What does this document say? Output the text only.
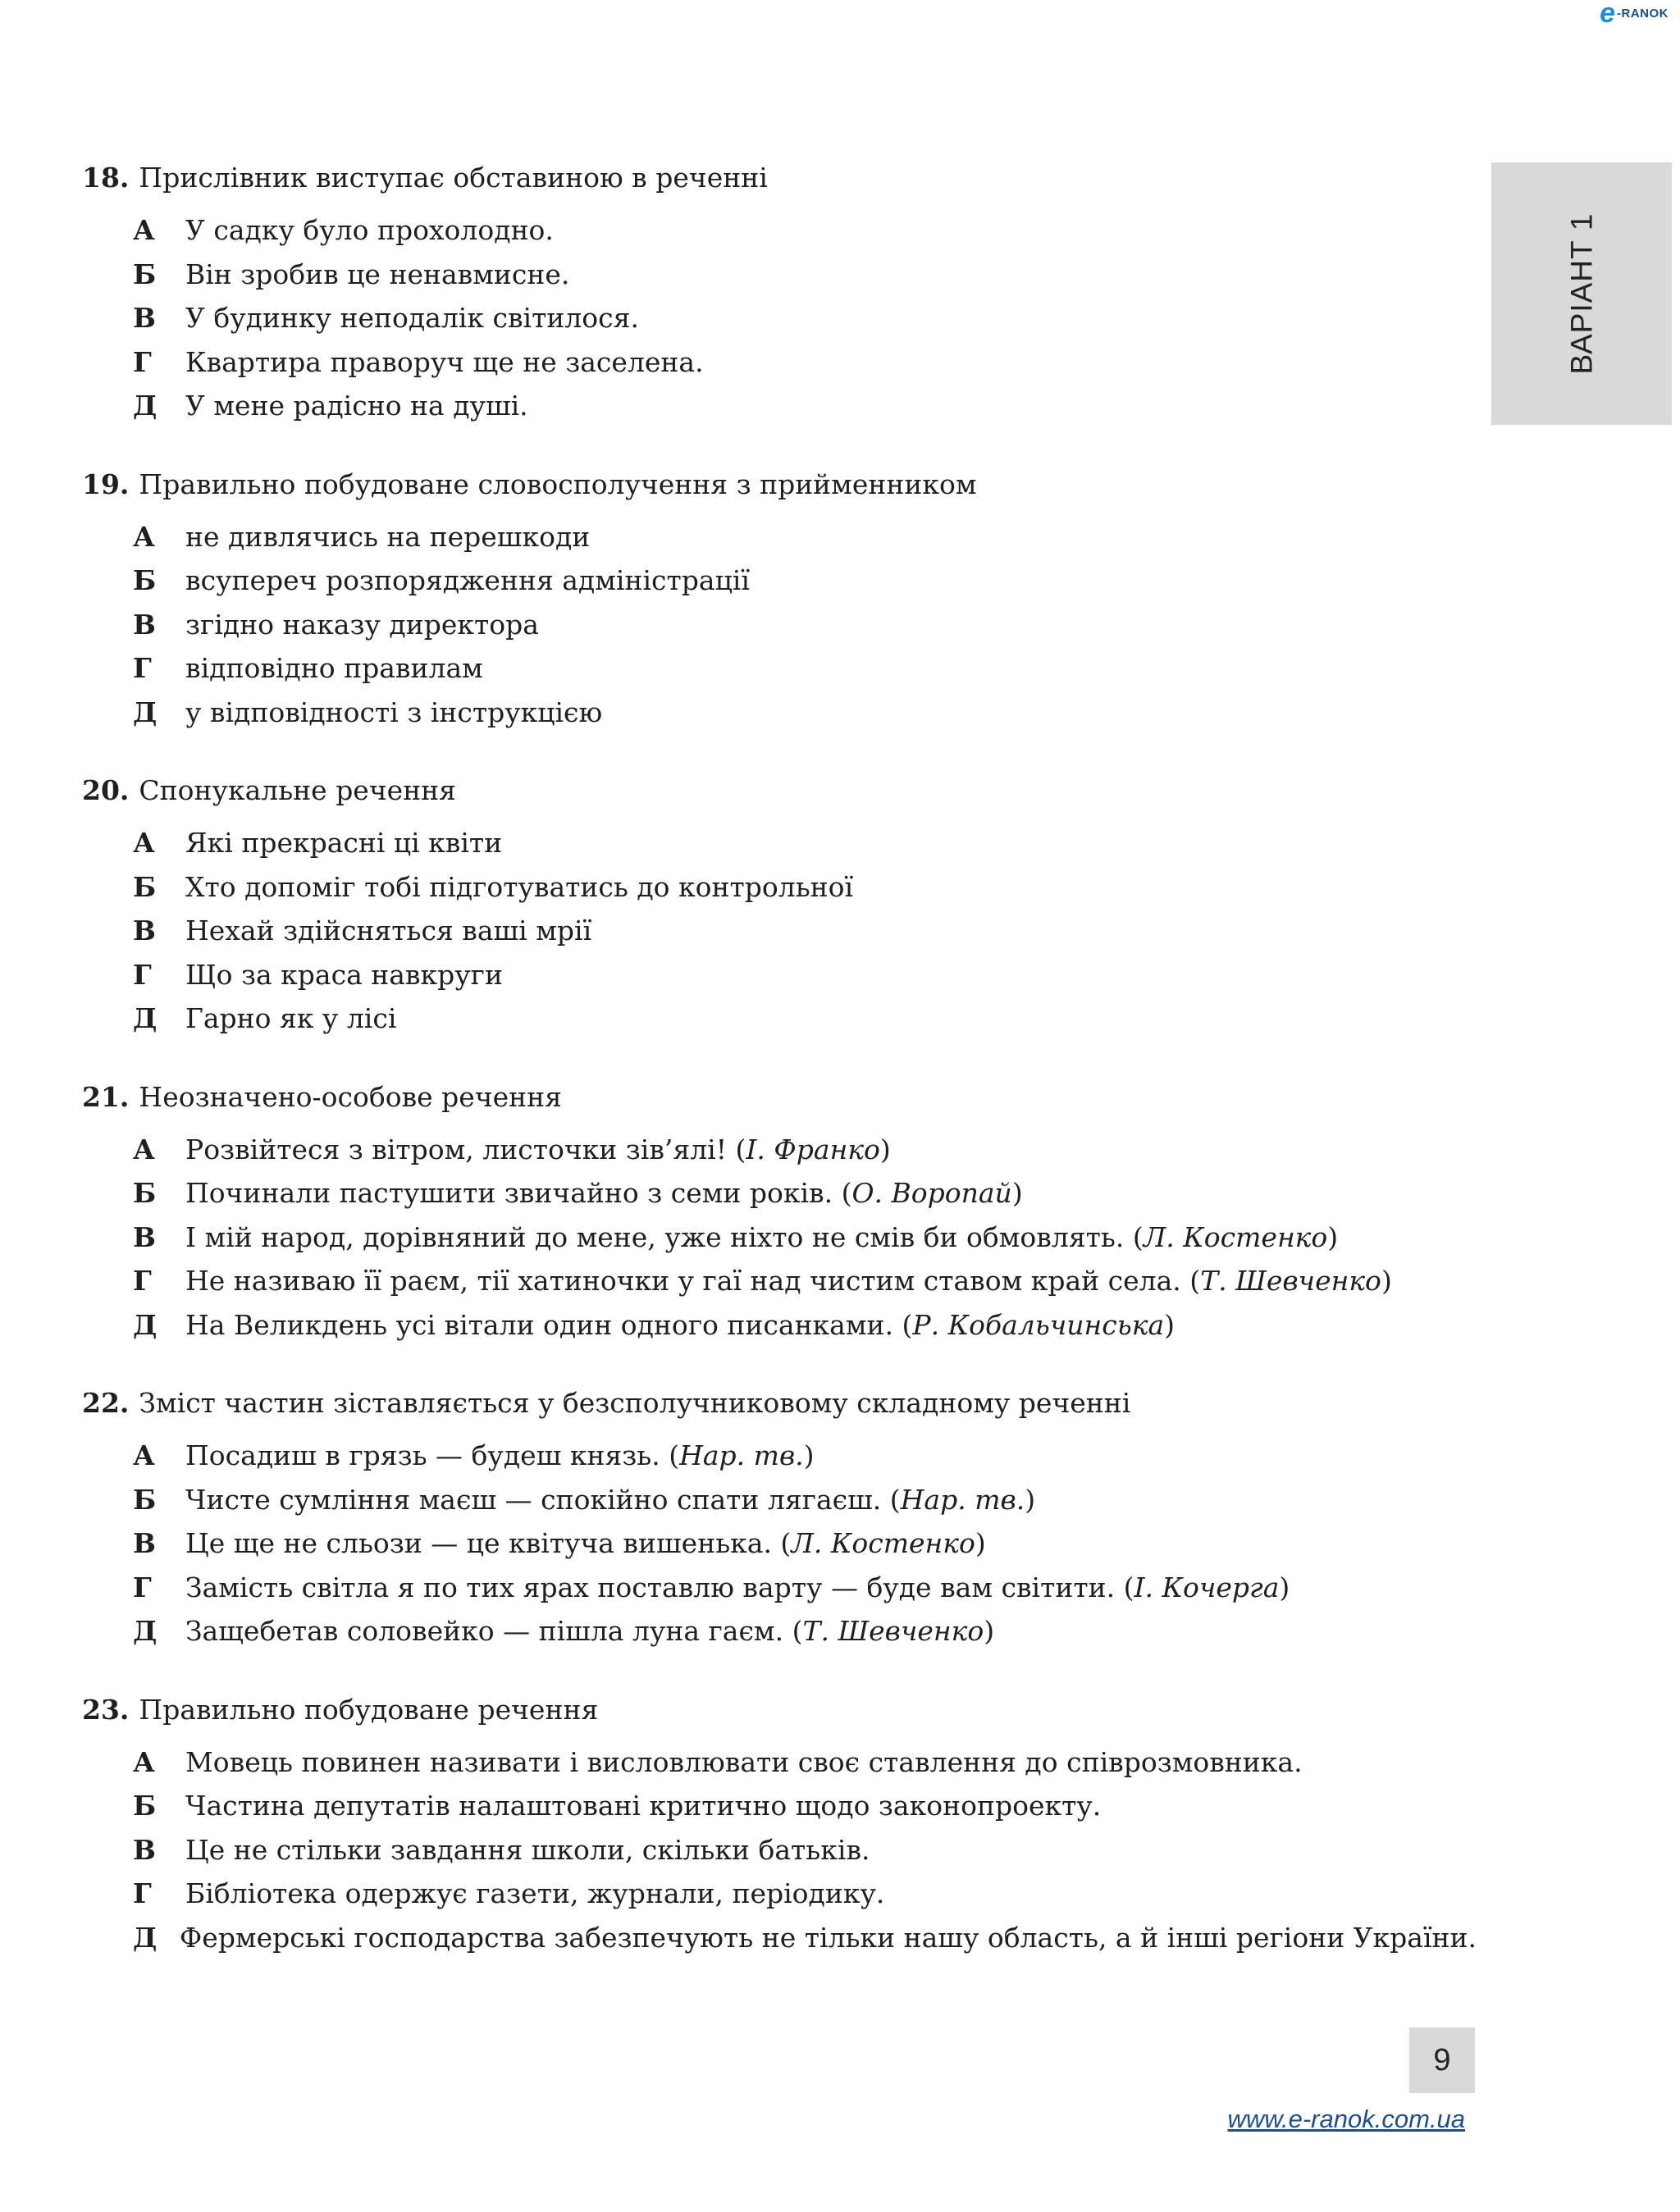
e -RANOK
ВАРІАНТ 1
18. Прислівник виступає обставиною в реченні
А	У садку було прохолодно.
Б	Він зробив це ненавмисне.
В	У будинку неподалік світилося.
Г	Квартира праворуч ще не заселена.
Д	У мене радісно на душі.
19. Правильно побудоване словосполучення з прийменником
А	не дивлячись на перешкоди
Б	всупереч розпорядження адміністрації
В	згідно наказу директора
Г	відповідно правилам
Д	у відповідності з інструкцією
20. Спонукальне речення
А	Які прекрасні ці квіти
Б	Хто допоміг тобі підготуватись до контрольної
В	Нехай здійсняться ваші мрії
Г	Що за краса навкруги
Д	Гарно як у лісі
21. Неозначено-особове речення
А	Розвійтеся з вітром, листочки зів’ялі! (І. Франко)
Б	Починали пастушити звичайно з семи років. (О. Воропай)
В	І мій народ, дорівняний до мене, уже ніхто не смів би обмовлять. (Л. Костенко)
Г	Не називаю її раєм, тії хатиночки у гаї над чистим ставом край села. (Т. Шевченко)
Д	На Великдень усі вітали один одного писанками. (Р. Кобальчинська)
22. Зміст частин зіставляється у безсполучниковому складному реченні
А	Посадиш в грязь — будеш князь. (Нар. тв.)
Б	Чисте сумління маєш — спокійно спати лягаєш. (Нар. тв.)
В	Це ще не сльози — це квітуча вишенька. (Л. Костенко)
Г	Замість світла я по тих ярах поставлю варту — буде вам світити. (І. Кочерга)
Д	Защебетав соловейко — пішла луна гаєм. (Т. Шевченко)
23. Правильно побудоване речення
А	Мовець повинен називати і висловлювати своє ставлення до співрозмовника.
Б	Частина депутатів налаштовані критично щодо законопроекту.
В	Це не стільки завдання школи, скільки батьків.
Г	Бібліотека одержує газети, журнали, періодику.
Д Фермерські господарства забезпечують не тільки нашу область, а й інші регіони України.
9
www.e-ranok.com.ua
